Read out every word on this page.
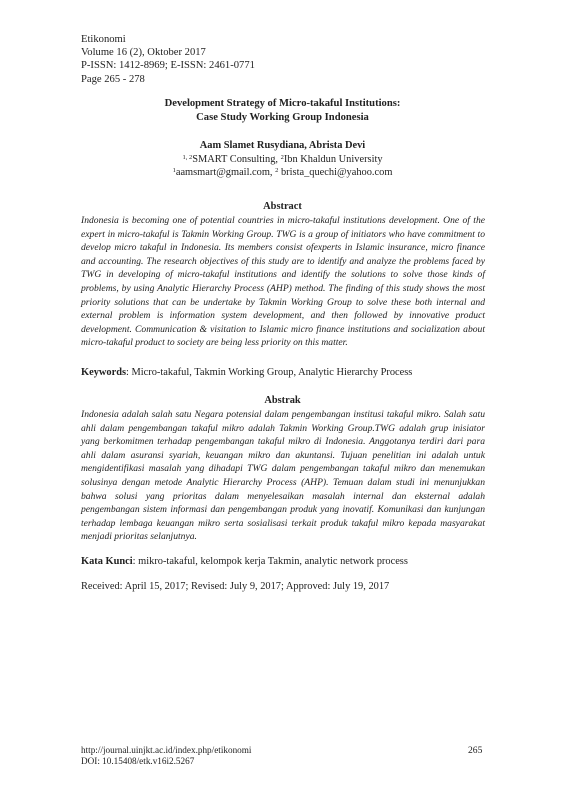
Etikonomi
Volume 16 (2), Oktober 2017
P-ISSN: 1412-8969; E-ISSN: 2461-0771
Page 265 - 278
Development Strategy of Micro-takaful Institutions:
Case Study Working Group Indonesia
Aam Slamet Rusydiana, Abrista Devi
$^{1, 2}$SMART Consulting, $^2$Ibn Khaldun University
$^1$aamsmart@gmail.com, $^2$ brista_quechi@yahoo.com
Abstract

Indonesia is becoming one of potential countries in micro-takaful institutions development. One of the expert in micro-takaful is Takmin Working Group. TWG is a group of initiators who have commitment to develop micro takaful in Indonesia. Its members consist ofexperts in Islamic insurance, micro finance and accounting. The research objectives of this study are to identify and analyze the problems faced by TWG in developing of micro-takaful institutions and identify the solutions to solve those kinds of problems, by using Analytic Hierarchy Process (AHP) method. The finding of this study shows the most priority solutions that can be undertake by Takmin Working Group to solve these both internal and external problem is information system development, and then followed by innovative product development. Communication & visitation to Islamic micro finance institutions and socialization about micro-takaful product to society are being less priority on this matter.

Keywords: Micro-takaful, Takmin Working Group, Analytic Hierarchy Process
Abstrak

Indonesia adalah salah satu Negara potensial dalam pengembangan institusi takaful mikro. Salah satu ahli dalam pengembangan takaful mikro adalah Takmin Working Group.TWG adalah grup inisiator yang berkomitmen terhadap pengembangan takaful mikro di Indonesia. Anggotanya terdiri dari para ahli dalam asuransi syariah, keuangan mikro dan akuntansi. Tujuan penelitian ini adalah untuk mengidentifikasi masalah yang dihadapi TWG dalam pengembangan takaful mikro dan menemukan solusinya dengan metode Analytic Hierarchy Process (AHP). Temuan dalam studi ini menunjukkan bahwa solusi yang prioritas dalam menyelesaikan masalah internal dan eksternal adalah pengembangan sistem informasi dan pengembangan produk yang inovatif. Komunikasi dan kunjungan terhadap lembaga keuangan mikro serta sosialisasi terkait produk takaful mikro kepada masyarakat menjadi prioritas selanjutnya.

Kata Kunci: mikro-takaful, kelompok kerja Takmin, analytic network process
Received: April 15, 2017; Revised: July 9, 2017; Approved: July 19, 2017
http://journal.uinjkt.ac.id/index.php/etikonomi
DOI: 10.15408/etk.v16i2.5267
265
